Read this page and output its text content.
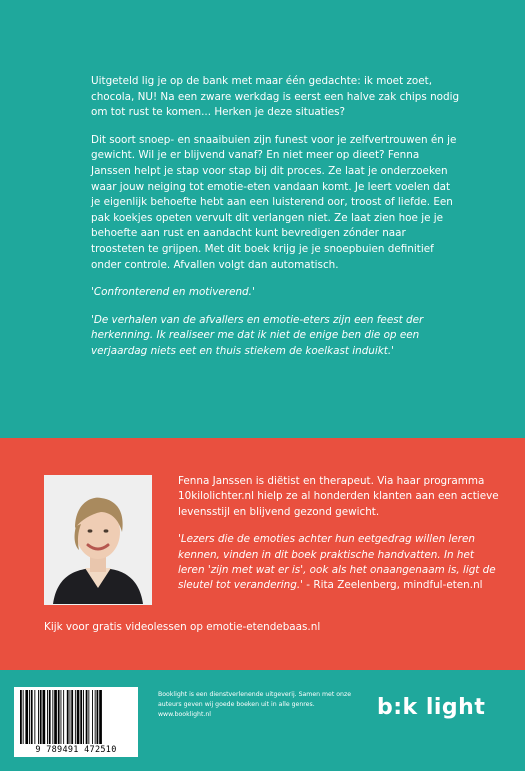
Uitgeteld lig je op de bank met maar één gedachte: ik moet zoet, chocola, NU! Na een zware werkdag is eerst een halve zak chips nodig om tot rust te komen... Herken je deze situaties?

Dit soort snoep- en snaaibuien zijn funest voor je zelfvertrouwen én je gewicht. Wil je er blijvend vanaf? En niet meer op dieet? Fenna Janssen helpt je stap voor stap bij dit proces. Ze laat je onderzoeken waar jouw neiging tot emotie-eten vandaan komt. Je leert voelen dat je eigenlijk behoefte hebt aan een luisterend oor, troost of liefde. Een pak koekjes opeten vervult dit verlangen niet. Ze laat zien hoe je je behoefte aan rust en aandacht kunt bevredigen zónder naar troosteten te grijpen. Met dit boek krijg je je snoepbuien definitief onder controle. Afvallen volgt dan automatisch.

'Confronterend en motiverend.'

'De verhalen van de afvallers en emotie-eters zijn een feest der herkenning. Ik realiseer me dat ik niet de enige ben die op een verjaardag niets eet en thuis stiekem de koelkast induikt.'

Fenna Janssen is diëtist en therapeut. Via haar programma 10kilolichter.nl hielp ze al honderden klanten aan een actieve levensstijl en blijvend gezond gewicht.

'Lezers die de emoties achter hun eetgedrag willen leren kennen, vinden in dit boek praktische handvatten. In het leren 'zijn met wat er is', ook als het onaangenaam is, ligt de sleutel tot verandering.' - Rita Zeelenberg, mindful-eten.nl

Kijk voor gratis videolessen op emotie-etendebaas.nl
9 789491 472510
Booklight is een dienstverlenende uitgeverij. Samen met onze auteurs geven wij goede boeken uit in alle genres. www.booklight.nl	b:k light
